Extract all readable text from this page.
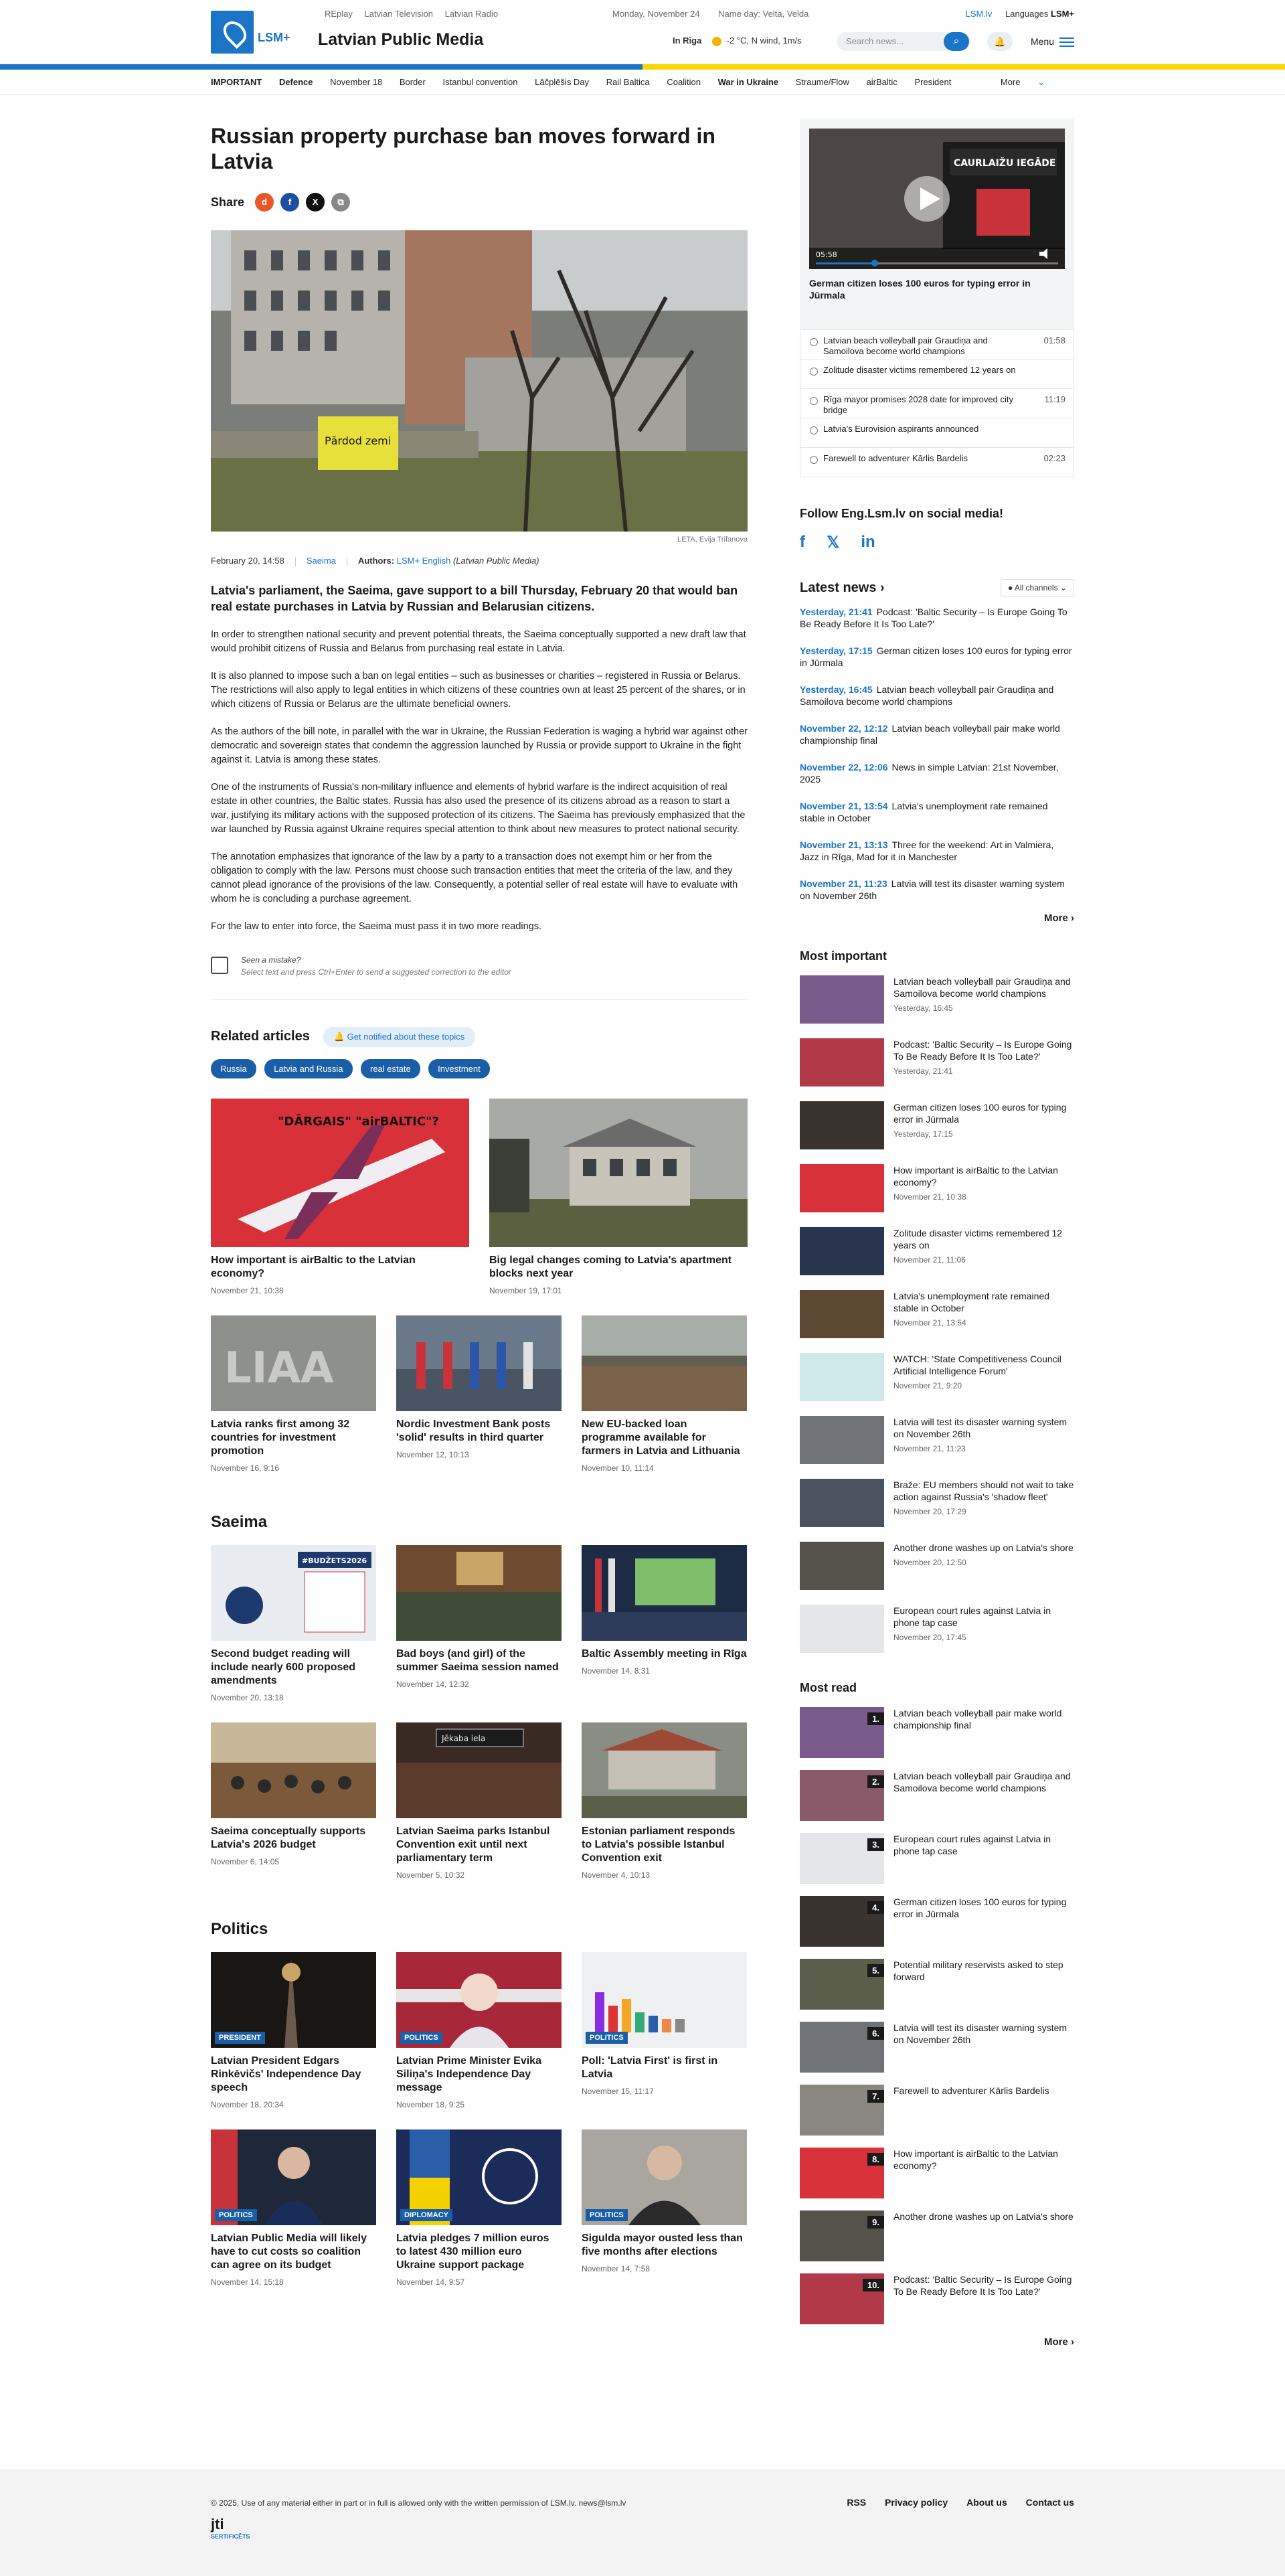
LSM+ Latvian Public Media
REplay Latvian Television Latvian Radio	Monday, November 24 Name day: Velta, Velda	LSM.lv Languages LSM+
In Rīga	-2 °C, N wind, 1m/s	Search news...	⌕	🔔	Menu
IMPORTANT Defence November 18 Border Istanbul convention Lāčplēšis Day Rail Baltica Coalition War in Ukraine Straume/Flow airBaltic President	More ⌄
Russian property purchase ban moves forward in Latvia
Share	d	f	X	⧉
Pārdod zemi
LETA, Evija Trifanova
February 20, 14:58	Saeima	Authors: LSM+ English (Latvian Public Media)
Latvia's parliament, the Saeima, gave support to a bill Thursday, February 20 that would ban real estate purchases in Latvia by Russian and Belarusian citizens.

In order to strengthen national security and prevent potential threats, the Saeima conceptually supported a new draft law that would prohibit citizens of Russia and Belarus from purchasing real estate in Latvia.

It is also planned to impose such a ban on legal entities – such as businesses or charities – registered in Russia or Belarus. The restrictions will also apply to legal entities in which citizens of these countries own at least 25 percent of the shares, or in which citizens of Russia or Belarus are the ultimate beneficial owners.

As the authors of the bill note, in parallel with the war in Ukraine, the Russian Federation is waging a hybrid war against other democratic and sovereign states that condemn the aggression launched by Russia or provide support to Ukraine in the fight against it. Latvia is among these states.

One of the instruments of Russia's non-military influence and elements of hybrid warfare is the indirect acquisition of real estate in other countries, the Baltic states. Russia has also used the presence of its citizens abroad as a reason to start a war, justifying its military actions with the supposed protection of its citizens. The Saeima has previously emphasized that the war launched by Russia against Ukraine requires special attention to think about new measures to protect national security.

The annotation emphasizes that ignorance of the law by a party to a transaction does not exempt him or her from the obligation to comply with the law. Persons must choose such transaction entities that meet the criteria of the law, and they cannot plead ignorance of the provisions of the law. Consequently, a potential seller of real estate will have to evaluate with whom he is concluding a purchase agreement.

For the law to enter into force, the Saeima must pass it in two more readings.

Seen a mistake?
Select text and press Ctrl+Enter to send a suggested correction to the editor
Related articles	🔔 Get notified about these topics
Russia	Latvia and Russia	real estate	Investment
"DĀRGAIS" "airBALTIC"?
How important is airBaltic to the Latvian economy?
November 21, 10:38
Big legal changes coming to Latvia's apartment blocks next year
November 19, 17:01
LIAA
Latvia ranks first among 32 countries for investment promotion
November 16, 9:16
Nordic Investment Bank posts 'solid' results in third quarter
November 12, 10:13
New EU-backed loan programme available for farmers in Latvia and Lithuania
November 10, 11:14
Saeima
#BUDŽETS2026
Second budget reading will include nearly 600 proposed amendments
November 20, 13:18
Bad boys (and girl) of the summer Saeima session named
November 14, 12:32
Baltic Assembly meeting in Rīga
November 14, 8:31
Saeima conceptually supports Latvia's 2026 budget
November 6, 14:05
Jēkaba iela
Latvian Saeima parks Istanbul Convention exit until next parliamentary term
November 5, 10:32
Estonian parliament responds to Latvia's possible Istanbul Convention exit
November 4, 10:13
Politics
PRESIDENT
Latvian President Edgars Rinkēvičs' Independence Day speech
November 18, 20:34
POLITICS
Latvian Prime Minister Evika Siliņa's Independence Day message
November 18, 9:25
POLITICS
Poll: 'Latvia First' is first in Latvia
November 15, 11:17
POLITICS
Latvian Public Media will likely have to cut costs so coalition can agree on its budget
November 14, 15:18
DIPLOMACY
Latvia pledges 7 million euros to latest 430 million euro Ukraine support package
November 14, 9:57
POLITICS
Sigulda mayor ousted less than five months after elections
November 14, 7:58
CAURLAIŽU IEGĀDE
05:58
German citizen loses 100 euros for typing error in Jūrmala
Latvian beach volleyball pair Graudiņa and Samoilova become world champions
01:58
Zolitude disaster victims remembered 12 years on
Rīga mayor promises 2028 date for improved city bridge
11:19
Latvia's Eurovision aspirants announced
Farewell to adventurer Kārlis Bardelis	02:23
Follow Eng.Lsm.lv on social media!
f 𝕏 in
Latest news ›	● All channels ⌄
Yesterday, 21:41 Podcast: 'Baltic Security – Is Europe Going To Be Ready Before It Is Too Late?'
Yesterday, 17:15 German citizen loses 100 euros for typing error in Jūrmala
Yesterday, 16:45 Latvian beach volleyball pair Graudiņa and Samoilova become world champions
November 22, 12:12 Latvian beach volleyball pair make world championship final
November 22, 12:06 News in simple Latvian: 21st November, 2025
November 21, 13:54 Latvia's unemployment rate remained stable in October
November 21, 13:13 Three for the weekend: Art in Valmiera, Jazz in Rīga, Mad for it in Manchester
November 21, 11:23 Latvia will test its disaster warning system on November 26th
More ›
Most important
Latvian beach volleyball pair Graudiņa and Samoilova become world champions
Yesterday, 16:45
Podcast: 'Baltic Security – Is Europe Going To Be Ready Before It Is Too Late?'
Yesterday, 21:41
German citizen loses 100 euros for typing error in Jūrmala
Yesterday, 17:15
How important is airBaltic to the Latvian economy?
November 21, 10:38
Zolitude disaster victims remembered 12 years on
November 21, 11:06
Latvia's unemployment rate remained stable in October
November 21, 13:54
WATCH: 'State Competitiveness Council Artificial Intelligence Forum'
November 21, 9:20
Latvia will test its disaster warning system on November 26th
November 21, 11:23
Braže: EU members should not wait to take action against Russia's 'shadow fleet'
November 20, 17:29
Another drone washes up on Latvia's shore
November 20, 12:50
European court rules against Latvia in phone tap case
November 20, 17:45
Most read
1.
Latvian beach volleyball pair make world championship final
2.
Latvian beach volleyball pair Graudiņa and Samoilova become world champions
3.
European court rules against Latvia in phone tap case
4.
German citizen loses 100 euros for typing error in Jūrmala
5.
Potential military reservists asked to step forward
6.
Latvia will test its disaster warning system on November 26th
7.
Farewell to adventurer Kārlis Bardelis
8.
How important is airBaltic to the Latvian economy?
9.
Another drone washes up on Latvia's shore
10.
Podcast: 'Baltic Security – Is Europe Going To Be Ready Before It Is Too Late?'
More ›
© 2025, Use of any material either in part or in full is allowed only with the written permission of LSM.lv. news@lsm.lv	RSS Privacy policy About us Contact us
jti
SERTIFICĒTS
